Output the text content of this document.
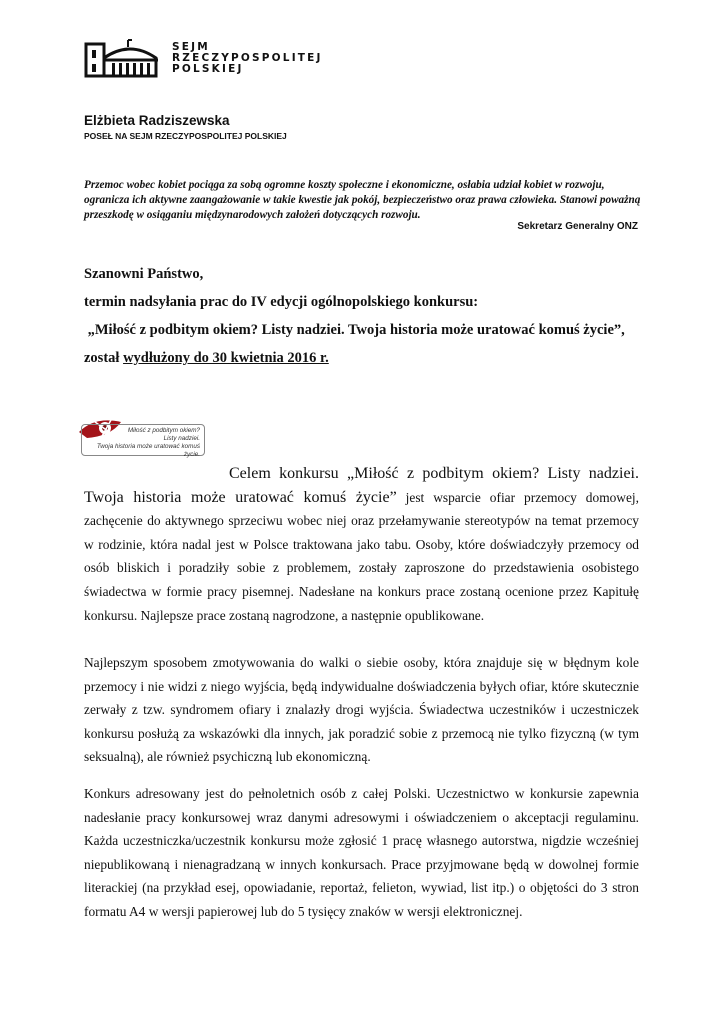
SEJM
RZECZYPOSPOLITEJ
POLSKIEJ
Elżbieta Radziszewska
POSEŁ NA SEJM RZECZYPOSPOLITEJ POLSKIEJ
Przemoc wobec kobiet pociąga za sobą ogromne koszty społeczne i ekonomiczne, osłabia udział kobiet w rozwoju, ogranicza ich aktywne zaangażowanie w takie kwestie jak pokój, bezpieczeństwo oraz prawa człowieka. Stanowi poważną przeszkodę w osiąganiu międzynarodowych założeń dotyczących rozwoju.
Sekretarz Generalny ONZ
Szanowni Państwo,
termin nadsyłania prac do IV edycji ogólnopolskiego konkursu:
„Miłość z podbitym okiem? Listy nadziei. Twoja historia może uratować komuś życie”,
został wydłużony do 30 kwietnia 2016 r.
Miłość z podbitym okiem?
Listy nadziei.
Twoja historia może uratować komuś życie.
Celem konkursu „Miłość z podbitym okiem? Listy nadziei. Twoja historia może uratować komuś życie” jest wsparcie ofiar przemocy domowej, zachęcenie do aktywnego sprzeciwu wobec niej oraz przełamywanie stereotypów na temat przemocy w rodzinie, która nadal jest w Polsce traktowana jako tabu. Osoby, które doświadczyły przemocy od osób bliskich i poradziły sobie z problemem, zostały zaproszone do przedstawienia osobistego świadectwa w formie pracy pisemnej. Nadesłane na konkurs prace zostaną ocenione przez Kapitułę konkursu. Najlepsze prace zostaną nagrodzone, a następnie opublikowane.
Najlepszym sposobem zmotywowania do walki o siebie osoby, która znajduje się w błędnym kole przemocy i nie widzi z niego wyjścia, będą indywidualne doświadczenia byłych ofiar, które skutecznie zerwały z tzw. syndromem ofiary i znalazły drogi wyjścia. Świadectwa uczestników i uczestniczek konkursu posłużą za wskazówki dla innych, jak poradzić sobie z przemocą nie tylko fizyczną (w tym seksualną), ale również psychiczną lub ekonomiczną.
Konkurs adresowany jest do pełnoletnich osób z całej Polski. Uczestnictwo w konkursie zapewnia nadesłanie pracy konkursowej wraz danymi adresowymi i oświadczeniem o akceptacji regulaminu. Każda uczestniczka/uczestnik konkursu może zgłosić 1 pracę własnego autorstwa, nigdzie wcześniej niepublikowaną i nienagradzaną w innych konkursach. Prace przyjmowane będą w dowolnej formie literackiej (na przykład esej, opowiadanie, reportaż, felieton, wywiad, list itp.) o objętości do 3 stron formatu A4 w wersji papierowej lub do 5 tysięcy znaków w wersji elektronicznej.
